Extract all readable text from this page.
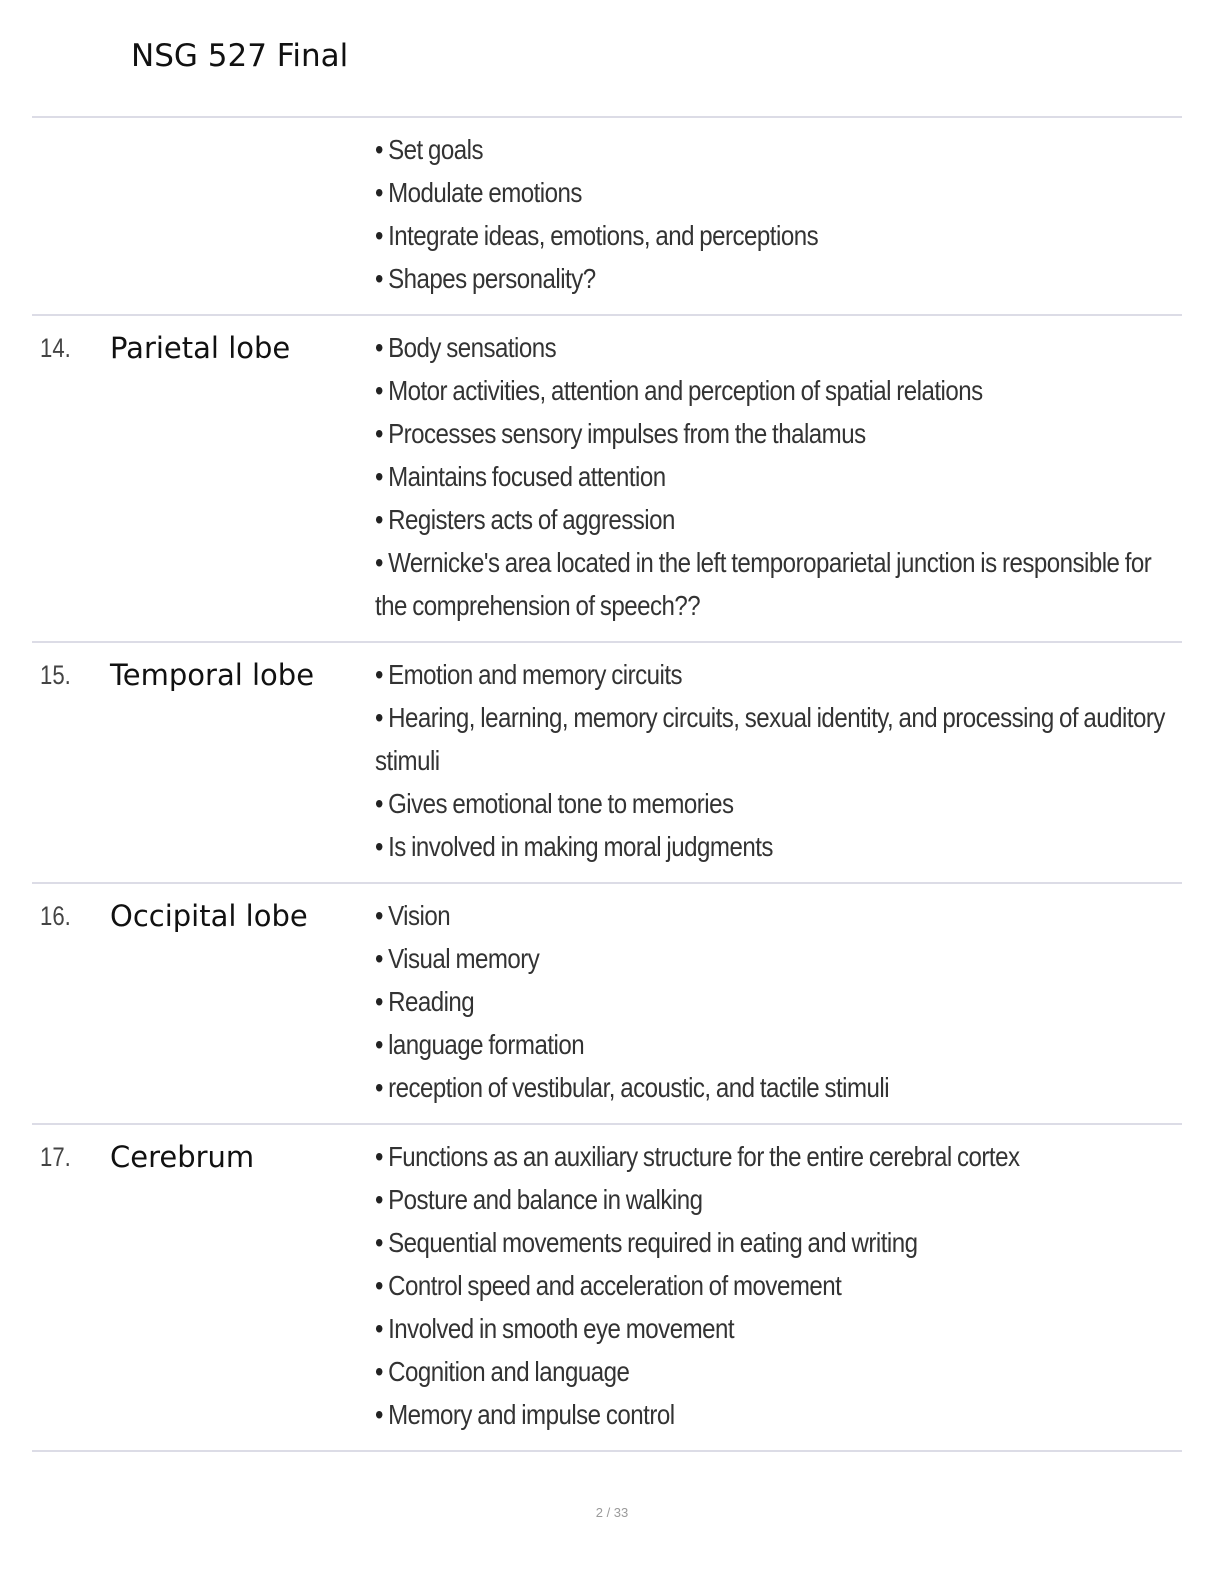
NSG 527 Final
• Set goals
• Modulate emotions
• Integrate ideas, emotions, and perceptions
• Shapes personality?
14. Parietal lobe	• Body sensations
• Motor activities, attention and perception of spatial relations
• Processes sensory impulses from the thalamus
• Maintains focused attention
• Registers acts of aggression
• Wernicke's area located in the left temporoparietal junction is responsible for the comprehension of speech??
15. Temporal lobe • Emotion and memory circuits
• Hearing, learning, memory circuits, sexual identity, and processing of auditory stimuli
• Gives emotional tone to memories
• Is involved in making moral judgments
16. Occipital lobe • Vision
• Visual memory
• Reading
• language formation
• reception of vestibular, acoustic, and tactile stimuli
17. Cerebrum	• Functions as an auxiliary structure for the entire cerebral cortex
• Posture and balance in walking
• Sequential movements required in eating and writing
• Control speed and acceleration of movement
• Involved in smooth eye movement
• Cognition and language
• Memory and impulse control
2 / 33
